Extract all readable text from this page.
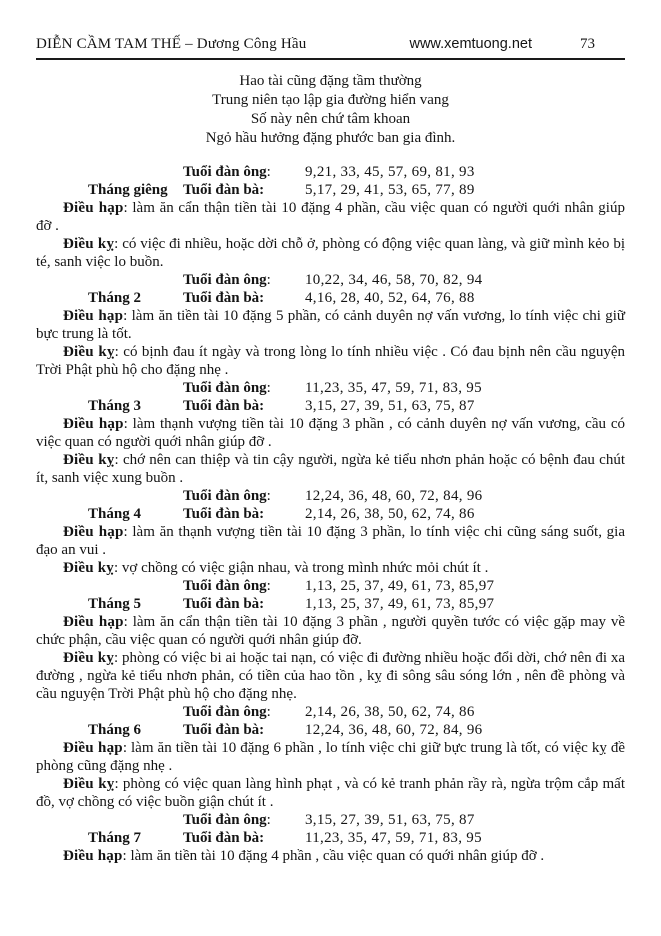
DIỄN CẦM TAM THẾ – Dương Công Hầu	www.xemtuong.net	73
Hao tài cũng đặng tầm thường
Trung niên tạo lập gia đường hiển vang
Số này nên chứ tâm khoan
Ngỏ hầu hưởng đặng phước ban gia đình.
Tuổi đàn ông: 9,21, 33, 45, 57, 69, 81, 93
Tháng giêng Tuổi đàn bà:	5,17, 29, 41, 53, 65, 77, 89

Điều hạp: làm ăn cẩn thận tiền tài 10 đặng 4 phần, cầu việc quan có người quới nhân giúp đỡ .

Điều kỵ: có việc đi nhiều, hoặc dời chỗ ở, phòng có động việc quan làng, và giữ mình kẻo bị té, sanh việc lo buồn.

Tuổi đàn ông: 10,22, 34, 46, 58, 70, 82, 94
Tháng 2	Tuổi đàn bà:	4,16, 28, 40, 52, 64, 76, 88

Điều hạp: làm ăn tiền tài 10 đặng 5 phần, có cảnh duyên nợ vấn vương, lo tính việc chi giữ bực trung là tốt.

Điều kỵ: có bịnh đau ít ngày và trong lòng lo tính nhiều việc . Có đau bịnh nên cầu nguyện Trời Phật phù hộ cho đặng nhẹ .

Tuổi đàn ông: 11,23, 35, 47, 59, 71, 83, 95
Tháng 3	Tuổi đàn bà:	3,15, 27, 39, 51, 63, 75, 87

Điều hạp: làm thạnh vượng tiền tài 10 đặng 3 phần , có cảnh duyên nợ vấn vương, cầu có việc quan có người quới nhân giúp đỡ .

Điều kỵ: chớ nên can thiệp và tin cậy người, ngừa kẻ tiểu nhơn phản hoặc có bệnh đau chút ít, sanh việc xung buồn .

Tuổi đàn ông: 12,24, 36, 48, 60, 72, 84, 96
Tháng 4	Tuổi đàn bà:	2,14, 26, 38, 50, 62, 74, 86

Điều hạp: làm ăn thạnh vượng tiền tài 10 đặng 3 phần, lo tính việc chi cũng sáng suốt, gia đạo an vui .

Điều kỵ: vợ chồng có việc giận nhau, và trong mình nhức mỏi chút ít .

Tuổi đàn ông: 1,13, 25, 37, 49, 61, 73, 85,97
Tháng 5	Tuổi đàn bà:	1,13, 25, 37, 49, 61, 73, 85,97

Điều hạp: làm ăn cẩn thận tiền tài 10 đặng 3 phần , người quyền tước có việc gặp may về chức phận, cầu việc quan có người quới nhân giúp đỡ.

Điều kỵ: phòng có việc bi ai hoặc tai nạn, có việc đi đường nhiều hoặc đổi dời, chớ nên đi xa đường , ngừa kẻ tiểu nhơn phản, có tiền của hao tồn , kỵ đi sông sâu sóng lớn , nên đề phòng và cầu nguyện Trời Phật phù hộ cho đặng nhẹ.

Tuổi đàn ông: 2,14, 26, 38, 50, 62, 74, 86
Tháng 6	Tuổi đàn bà:	12,24, 36, 48, 60, 72, 84, 96

Điều hạp: làm ăn tiền tài 10 đặng 6 phần , lo tính việc chi giữ bực trung là tốt, có việc kỵ đề phòng cũng đặng nhẹ .

Điều kỵ: phòng có việc quan làng hình phạt , và có kẻ tranh phản rầy rà, ngừa trộm cắp mất đồ, vợ chồng có việc buồn giận chút ít .

Tuổi đàn ông: 3,15, 27, 39, 51, 63, 75, 87
Tháng 7	Tuổi đàn bà:	11,23, 35, 47, 59, 71, 83, 95

Điều hạp: làm ăn tiền tài 10 đặng 4 phần , cầu việc quan có quới nhân giúp đỡ .
